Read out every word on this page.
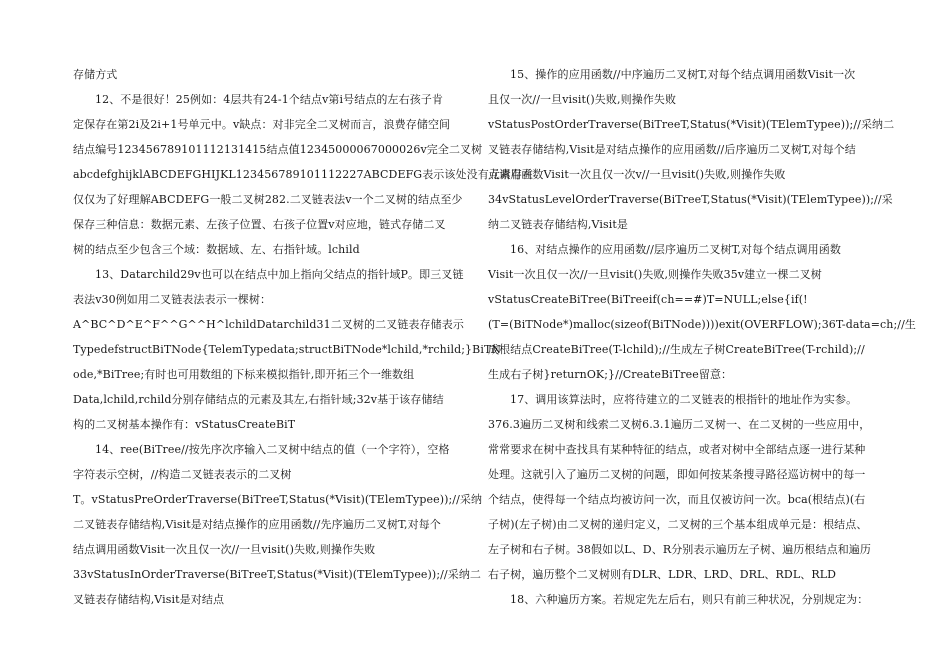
存储方式

12、不是很好！25例如：4层共有24-1个结点v第i号结点的左右孩子肯

定保存在第2i及2i+1号单元中。v缺点：对非完全二叉树而言，浪费存储空间

结点编号123456789101112131415结点值12345000067000026v完全二叉树

abcdefghijklABCDEFGHIJKL123456789101112227ABCDEFG表示该处没有元素存在

仅仅为了好理解ABCDEFG一般二叉树282.二叉链表法v一个二叉树的结点至少

保存三种信息：数据元素、左孩子位置、右孩子位置v对应地，链式存储二叉

树的结点至少包含三个域：数据域、左、右指针域。lchild

13、Datarchild29v也可以在结点中加上指向父结点的指针域P。即三叉链

表法v30例如用二叉链表法表示一棵树：

A^BC^D^E^F^^G^^H^lchildDatarchild31二叉树的二叉链表存储表示

TypedefstructBiTNode{TelemTypedata;structBiTNode*lchild,*rchild;}BiTN

ode,*BiTree;有时也可用数组的下标来模拟指针,即开拓三个一维数组

Data,lchild,rchild分别存储结点的元素及其左,右指针域;32v基于该存储结

构的二叉树基本操作有：vStatusCreateBiT

14、ree(BiTree//按先序次序输入二叉树中结点的值（一个字符），空格

字符表示空树，//构造二叉链表表示的二叉树

T。vStatusPreOrderTraverse(BiTreeT,Status(*Visit)(TElemTypee));//采纳

二叉链表存储结构,Visit是对结点操作的应用函数//先序遍历二叉树T,对每个

结点调用函数Visit一次且仅一次//一旦visit()失败,则操作失败

33vStatusInOrderTraverse(BiTreeT,Status(*Visit)(TElemTypee));//采纳二

叉链表存储结构,Visit是对结点

15、操作的应用函数//中序遍历二叉树T,对每个结点调用函数Visit一次

且仅一次//一旦visit()失败,则操作失败

vStatusPostOrderTraverse(BiTreeT,Status(*Visit)(TElemTypee));//采纳二

叉链表存储结构,Visit是对结点操作的应用函数//后序遍历二叉树T,对每个结

点调用函数Visit一次且仅一次v//一旦visit()失败,则操作失败

34vStatusLevelOrderTraverse(BiTreeT,Status(*Visit)(TElemTypee));//采

纳二叉链表存储结构,Visit是

16、对结点操作的应用函数//层序遍历二叉树T,对每个结点调用函数

Visit一次且仅一次//一旦visit()失败,则操作失败35v建立一棵二叉树

vStatusCreateBiTree(BiTreeif(ch==#)T=NULL;else{if(!

(T=(BiTNode*)malloc(sizeof(BiTNode))))exit(OVERFLOW);36T-data=ch;//生

成根结点CreateBiTree(T-lchild);//生成左子树CreateBiTree(T-rchild);//

生成右子树}returnOK;}//CreateBiTree留意：

17、调用该算法时，应将待建立的二叉链表的根指针的地址作为实参。

376.3遍历二叉树和线索二叉树6.3.1遍历二叉树一、在二叉树的一些应用中，

常常要求在树中查找具有某种特征的结点，或者对树中全部结点逐一进行某种

处理。这就引入了遍历二叉树的问题，即如何按某条搜寻路径巡访树中的每一

个结点，使得每一个结点均被访问一次，而且仅被访问一次。bca(根结点)(右

子树)(左子树)由二叉树的递归定义，二叉树的三个基本组成单元是：根结点、

左子树和右子树。38假如以L、D、R分别表示遍历左子树、遍历根结点和遍历

右子树，遍历整个二叉树则有DLR、LDR、LRD、DRL、RDL、RLD

18、六种遍历方案。若规定先左后右，则只有前三种状况，分别规定为：
